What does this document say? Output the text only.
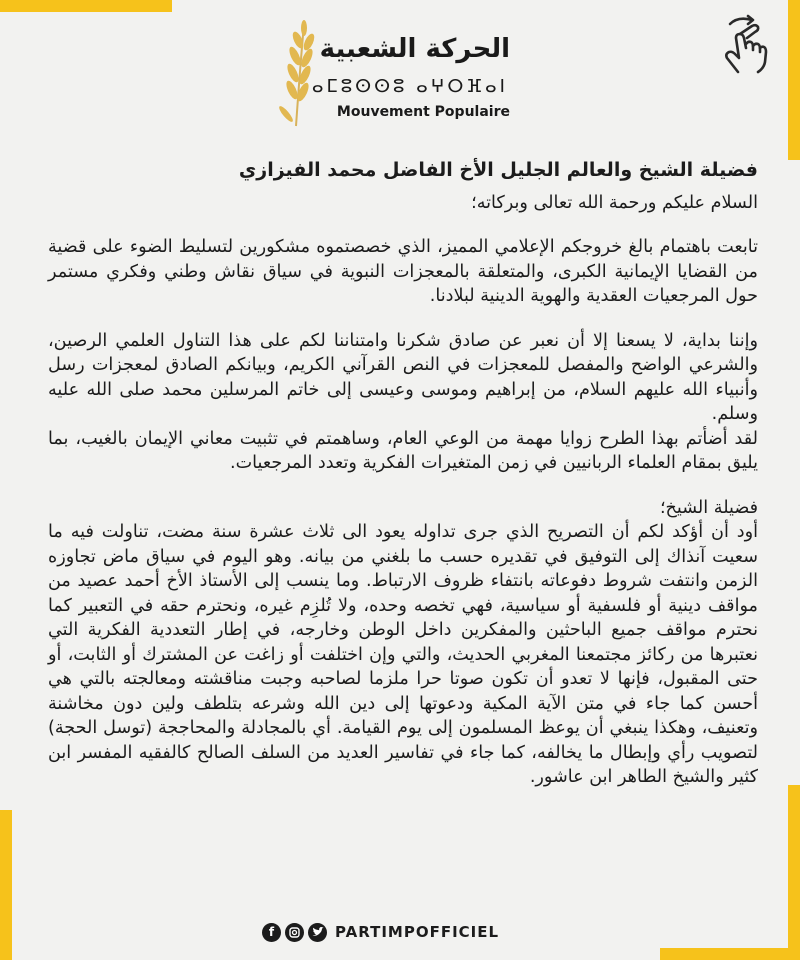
الحركة الشعبية
ⴰⵎⵓⵙⵙⵓ ⴰⵖⵔⴼⴰⵏ
Mouvement Populaire

فضيلة الشيخ والعالم الجليل الأخ الفاضل محمد الفيزازي

السلام عليكم ورحمة الله تعالى وبركاته؛

تابعت باهتمام بالغ خروجكم الإعلامي المميز، الذي خصصتموه مشكورين لتسليط الضوء على قضية من القضايا الإيمانية الكبرى، والمتعلقة بالمعجزات النبوية في سياق نقاش وطني وفكري مستمر حول المرجعيات العقدية والهوية الدينية لبلادنا.

وإننا بداية، لا يسعنا إلا أن نعبر عن صادق شكرنا وامتناننا لكم على هذا التناول العلمي الرصين، والشرعي الواضح والمفصل للمعجزات في النص القرآني الكريم، وبيانكم الصادق لمعجزات رسل وأنبياء الله عليهم السلام، من إبراهيم وموسى وعيسى إلى خاتم المرسلين محمد صلى الله عليه وسلم.

لقد أضأتم بهذا الطرح زوايا مهمة من الوعي العام، وساهمتم في تثبيت معاني الإيمان بالغيب، بما يليق بمقام العلماء الربانيين في زمن المتغيرات الفكرية وتعدد المرجعيات.

فضيلة الشيخ؛

أود أن أؤكد لكم أن التصريح الذي جرى تداوله يعود الى ثلاث عشرة سنة مضت، تناولت فيه ما سعيت آنذاك إلى التوفيق في تقديره حسب ما بلغني من بيانه. وهو اليوم في سياق ماض تجاوزه الزمن وانتفت شروط دفوعاته بانتفاء ظروف الارتباط. وما ينسب إلى الأستاذ الأخ أحمد عصيد من مواقف دينية أو فلسفية أو سياسية، فهي تخصه وحده، ولا تُلزِم غيره، ونحترم حقه في التعبير كما نحترم مواقف جميع الباحثين والمفكرين داخل الوطن وخارجه، في إطار التعددية الفكرية التي نعتبرها من ركائز مجتمعنا المغربي الحديث، والتي وإن اختلفت أو زاغت عن المشترك أو الثابت، أو حتى المقبول، فإنها لا تعدو أن تكون صوتا حرا ملزما لصاحبه وجبت مناقشته ومعالجته بالتي هي أحسن كما جاء في متن الآية المكية ودعوتها إلى دين الله وشرعه بتلطف ولين دون مخاشنة وتعنيف، وهكذا ينبغي أن يوعظ المسلمون إلى يوم القيامة. أي بالمجادلة والمحاججة (توسل الحجة) لتصويب رأي وإبطال ما يخالفه، كما جاء في تفاسير العديد من السلف الصالح كالفقيه المفسر ابن كثير والشيخ الطاهر ابن عاشور.

f	PARTIMPOFFICIEL
